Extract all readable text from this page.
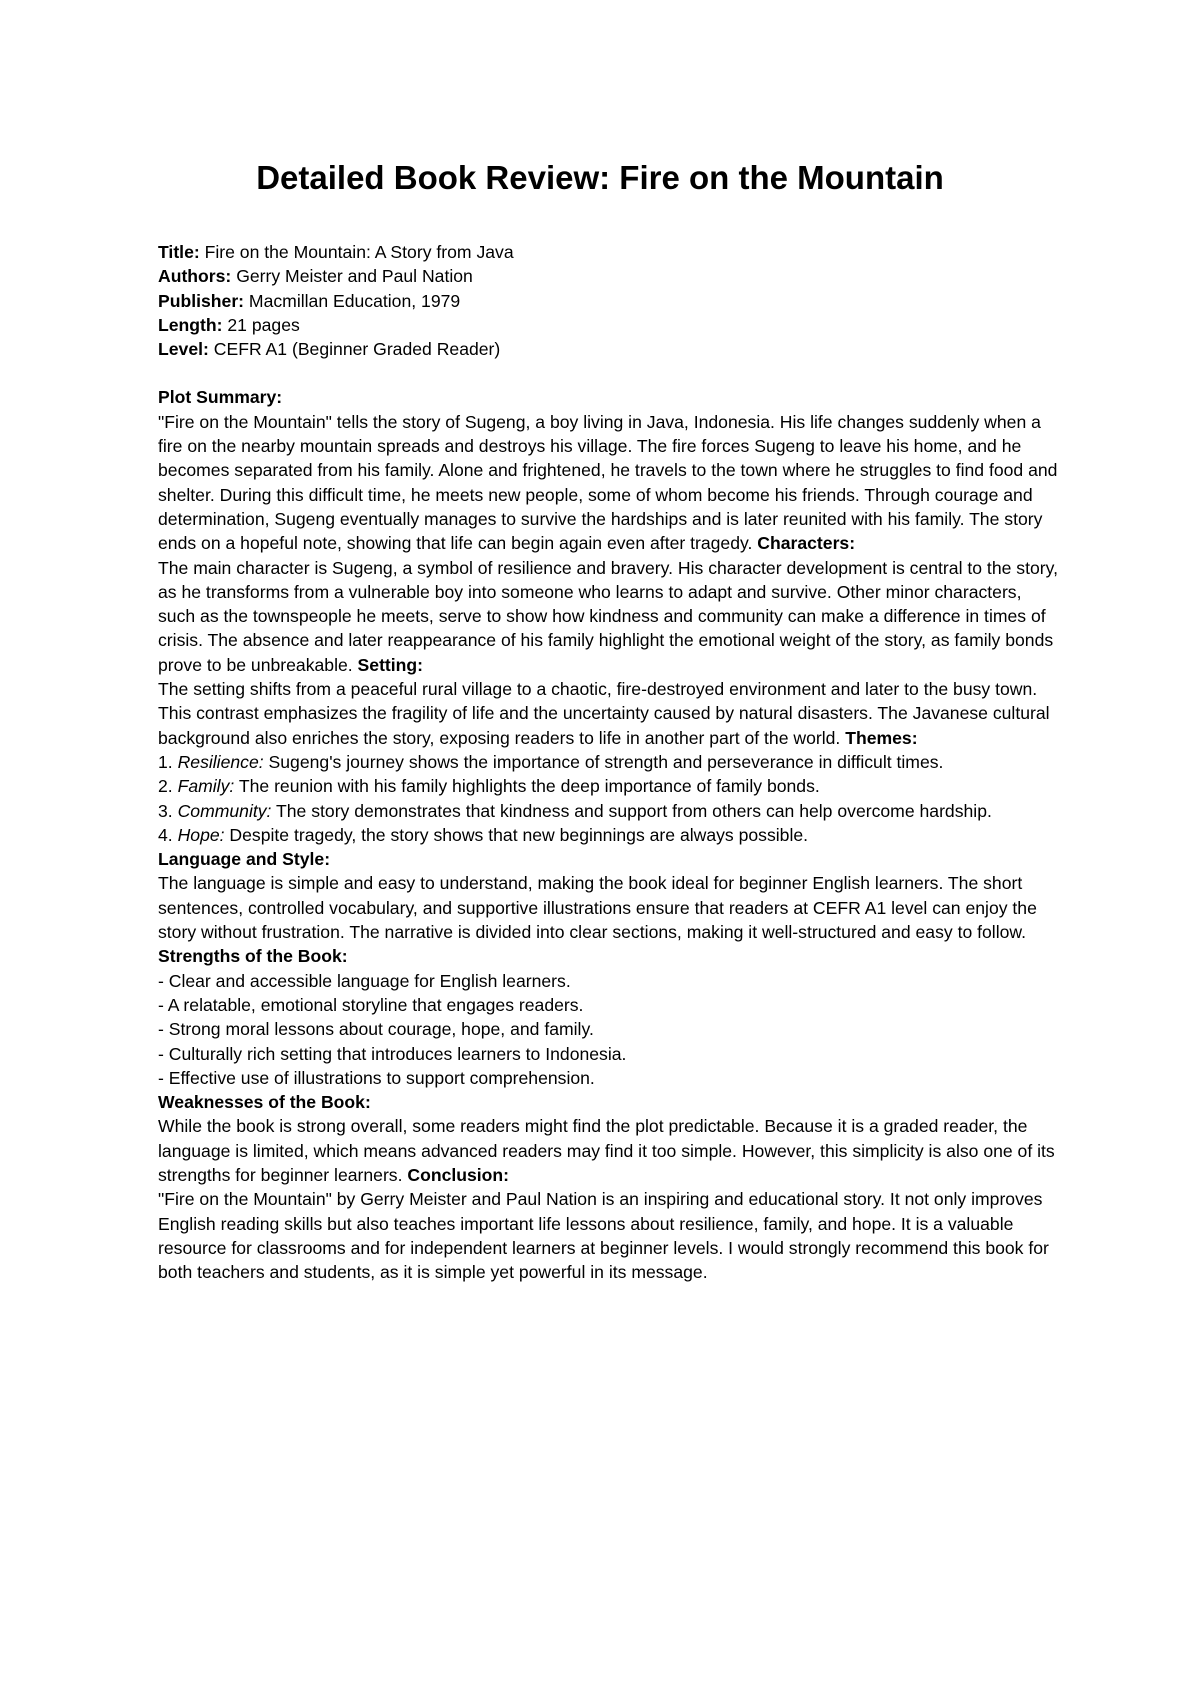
Detailed Book Review: Fire on the Mountain
Title: Fire on the Mountain: A Story from Java
Authors: Gerry Meister and Paul Nation
Publisher: Macmillan Education, 1979
Length: 21 pages
Level: CEFR A1 (Beginner Graded Reader)

Plot Summary:

"Fire on the Mountain" tells the story of Sugeng, a boy living in Java, Indonesia. His life changes suddenly when a fire on the nearby mountain spreads and destroys his village. The fire forces Sugeng to leave his home, and he becomes separated from his family. Alone and frightened, he travels to the town where he struggles to find food and shelter. During this difficult time, he meets new people, some of whom become his friends. Through courage and determination, Sugeng eventually manages to survive the hardships and is later reunited with his family. The story ends on a hopeful note, showing that life can begin again even after tragedy. Characters:

The main character is Sugeng, a symbol of resilience and bravery. His character development is central to the story, as he transforms from a vulnerable boy into someone who learns to adapt and survive. Other minor characters, such as the townspeople he meets, serve to show how kindness and community can make a difference in times of crisis. The absence and later reappearance of his family highlight the emotional weight of the story, as family bonds prove to be unbreakable. Setting:

The setting shifts from a peaceful rural village to a chaotic, fire-destroyed environment and later to the busy town. This contrast emphasizes the fragility of life and the uncertainty caused by natural disasters. The Javanese cultural background also enriches the story, exposing readers to life in another part of the world. Themes:

1. Resilience: Sugeng's journey shows the importance of strength and perseverance in difficult times.

2. Family: The reunion with his family highlights the deep importance of family bonds.

3. Community: The story demonstrates that kindness and support from others can help overcome hardship.

4. Hope: Despite tragedy, the story shows that new beginnings are always possible.

Language and Style:

The language is simple and easy to understand, making the book ideal for beginner English learners. The short sentences, controlled vocabulary, and supportive illustrations ensure that readers at CEFR A1 level can enjoy the story without frustration. The narrative is divided into clear sections, making it well-structured and easy to follow. Strengths of the Book:

- Clear and accessible language for English learners.

- A relatable, emotional storyline that engages readers.

- Strong moral lessons about courage, hope, and family.

- Culturally rich setting that introduces learners to Indonesia.

- Effective use of illustrations to support comprehension.

Weaknesses of the Book:

While the book is strong overall, some readers might find the plot predictable. Because it is a graded reader, the language is limited, which means advanced readers may find it too simple. However, this simplicity is also one of its strengths for beginner learners. Conclusion:

"Fire on the Mountain" by Gerry Meister and Paul Nation is an inspiring and educational story. It not only improves English reading skills but also teaches important life lessons about resilience, family, and hope. It is a valuable resource for classrooms and for independent learners at beginner levels. I would strongly recommend this book for both teachers and students, as it is simple yet powerful in its message.
